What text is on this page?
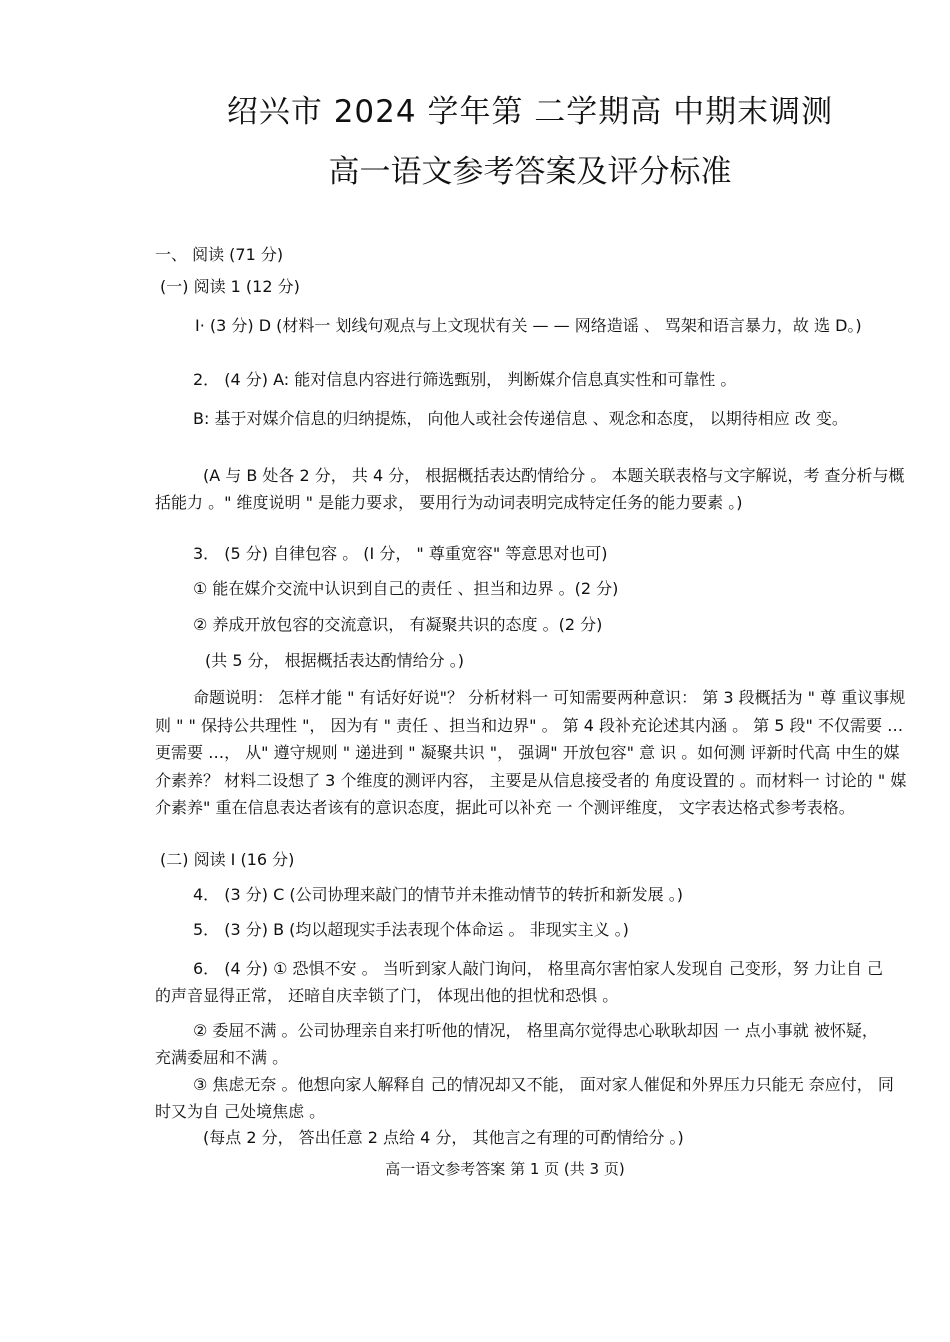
绍兴市 2024 学年第 二学期高 中期末调测
高一语文参考答案及评分标准
一、 阅读 (71 分)
(一) 阅读 1 (12 分)
I· (3 分) D (材料一 划线句观点与上文现状有关 — — 网络造谣 、 骂架和语言暴力，故 选 D。)
2． (4 分) A: 能对信息内容进行筛选甄别， 判断媒介信息真实性和可靠性 。
B: 基于对媒介信息的归纳提炼， 向他人或社会传递信息 、观念和态度， 以期待相应 改 变。
(A 与 B 处各 2 分， 共 4 分， 根据概括表达酌情给分 。 本题关联表格与文字解说，考 查分析与概括能力 。" 维度说明 " 是能力要求， 要用行为动词表明完成特定任务的能力要素 。)
3． (5 分) 自律包容 。 (I 分， " 尊重宽容" 等意思对也可)
① 能在媒介交流中认识到自己的责任 、担当和边界 。(2 分)
② 养成开放包容的交流意识， 有凝聚共识的态度 。(2 分)
(共 5 分， 根据概括表达酌情给分 。)
命题说明： 怎样才能 " 有话好好说"？ 分析材料一 可知需要两种意识： 第 3 段概括为 " 尊 重议事规则 " " 保持公共理性 "， 因为有 " 责任 、担当和边界" 。 第 4 段补充论述其内涵 。 第 5 段" 不仅需要 … 更需要 …， 从" 遵守规则 " 递进到 " 凝聚共识 "， 强调" 开放包容" 意 识 。如何测 评新时代高 中生的媒介素养？ 材料二设想了 3 个维度的测评内容， 主要是从信息接受者的 角度设置的 。而材料一 讨论的 " 媒介素养" 重在信息表达者该有的意识态度，据此可以补充 一 个测评维度， 文字表达格式参考表格。
(二) 阅读 I (16 分)
4． (3 分) C (公司协理来敲门的情节并未推动情节的转折和新发展 。)
5． (3 分) B (均以超现实手法表现个体命运 。 非现实主义 。)
6． (4 分) ① 恐惧不安 。 当听到家人敲门询问， 格里高尔害怕家人发现自 己变形，努 力让自 己的声音显得正常， 还暗自庆幸锁了门， 体现出他的担忧和恐惧 。
② 委屈不满 。公司协理亲自来打听他的情况， 格里高尔觉得忠心耿耿却因 一 点小事就 被怀疑， 充满委屈和不满 。
③ 焦虑无奈 。他想向家人解释自 己的情况却又不能， 面对家人催促和外界压力只能无 奈应付， 同时又为自 己处境焦虑 。
(每点 2 分， 答出任意 2 点给 4 分， 其他言之有理的可酌情给分 。)
高一语文参考答案 第 1 页 (共 3 页)
